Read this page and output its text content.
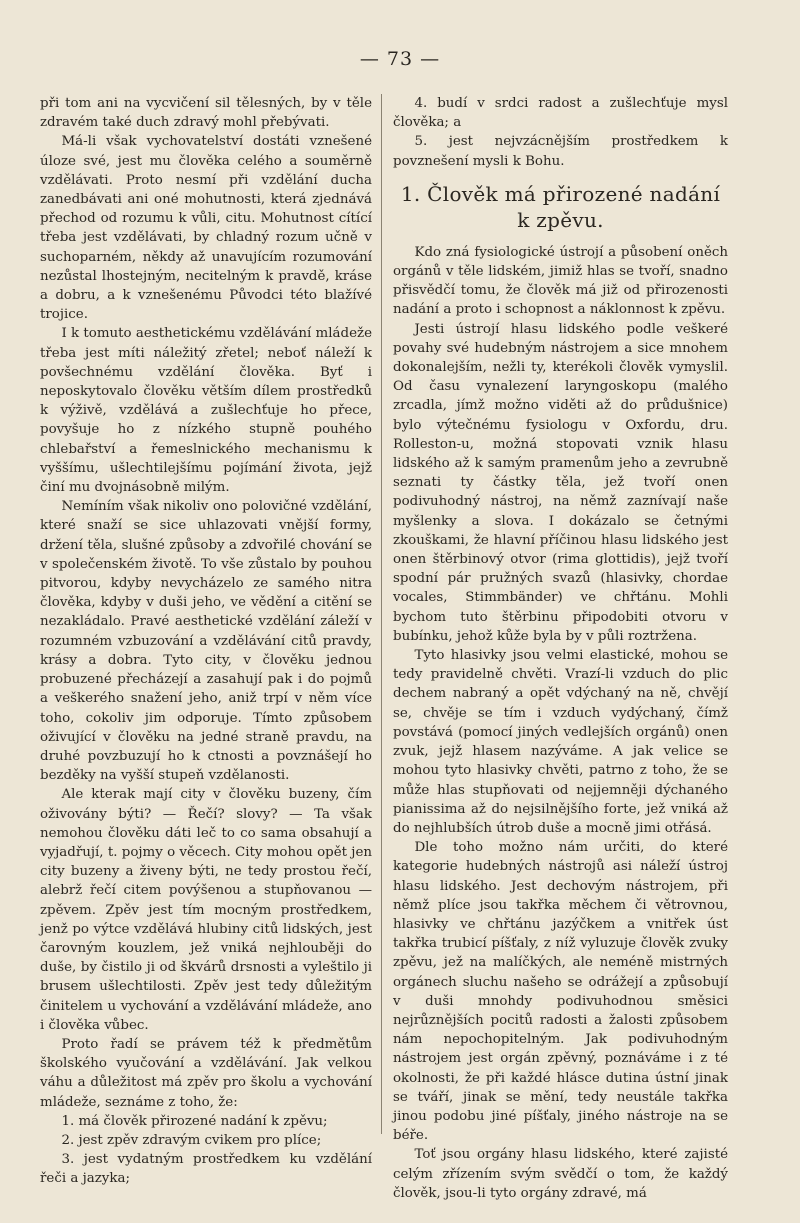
— 73 —

při tom ani na vycvičení sil tělesných, by v těle zdravém také duch zdravý mohl přebývati.

Má-li však vychovatelství dostáti vznešené úloze své, jest mu člověka celého a souměrně vzdělávati. Proto nesmí při vzdělání ducha zanedbávati ani oné mohutnosti, která zjednává přechod od rozumu k vůli, citu. Mohutnost cítící třeba jest vzdělávati, by chladný rozum učně v suchoparném, někdy až unavujícím rozumování nezůstal lhostejným, necitelným k pravdě, kráse a dobru, a k vznešenému Původci této blažívé trojice.

I k tomuto aesthetickému vzdělávání mládeže třeba jest míti náležitý zřetel; neboť náleží k povšechnému vzdělání člověka. Byť i neposkytovalo člověku větším dílem prostředků k výživě, vzdělává a zušlechťuje ho přece, povyšuje ho z nízkého stupně pouhého chlebařství a řemeslnického mechanismu k vyššímu, ušlechtilejšímu pojímání života, jejž činí mu dvojnásobně milým.

Nemíním však nikoliv ono polovičné vzdělání, které snaží se sice uhlazovati vnější formy, držení těla, slušné způsoby a zdvořilé chování se v společenském životě. To vše zůstalo by pouhou pitvorou, kdyby nevycházelo ze samého nitra člověka, kdyby v duši jeho, ve vědění a citění se nezakládalo. Pravé aesthetické vzdělání záleží v rozumném vzbuzování a vzdělávání citů pravdy, krásy a dobra. Tyto city, v člověku jednou probuzené přecházejí a zasahují pak i do pojmů a veškerého snažení jeho, aniž trpí v něm více toho, cokoliv jim odporuje. Tímto způsobem oživující v člověku na jedné straně pravdu, na druhé povzbuzují ho k ctnosti a povznášejí ho bezděky na vyšší stupeň vzdělanosti.

Ale kterak mají city v člověku buzeny, čím oživovány býti? — Řečí? slovy? — Ta však nemohou člověku dáti leč to co sama obsahují a vyjadřují, t. pojmy o věcech. City mohou opět jen city buzeny a živeny býti, ne tedy prostou řečí, alebrž řečí citem povýšenou a stupňovanou — zpěvem. Zpěv jest tím mocným prostředkem, jenž po výtce vzdělává hlubiny citů lidských, jest čarovným kouzlem, jež vniká nejhlouběji do duše, by čistilo ji od škvárů drsnosti a vyleštilo ji brusem ušlechtilosti. Zpěv jest tedy důležitým činitelem u vychování a vzdělávání mládeže, ano i člověka vůbec.

Proto řadí se právem též k předmětům školského vyučování a vzdělávání. Jak velkou váhu a důležitost má zpěv pro školu a vychování mládeže, seznáme z toho, že:

1. má člověk přirozené nadání k zpěvu;

2. jest zpěv zdravým cvikem pro plíce;

3. jest vydatným prostředkem ku vzdělání řeči a jazyka;

4. budí v srdci radost a zušlechťuje mysl člověka; a

5. jest nejvzácnějším prostředkem k povznešení mysli k Bohu.

1. Člověk má přirozené nadání k zpěvu.

Kdo zná fysiologické ústrojí a působení oněch orgánů v těle lidském, jimiž hlas se tvoří, snadno přisvědčí tomu, že člověk má již od přirozenosti nadání a proto i schopnost a náklonnost k zpěvu.

Jesti ústrojí hlasu lidského podle veškeré povahy své hudebným nástrojem a sice mnohem dokonalejším, nežli ty, kterékoli člověk vymyslil. Od času vynalezení laryngoskopu (malého zrcadla, jímž možno viděti až do průdušnice) bylo výtečnému fysiologu v Oxfordu, dru. Rolleston-u, možná stopovati vznik hlasu lidského až k samým pramenům jeho a zevrubně seznati ty částky těla, jež tvoří onen podivuhodný nástroj, na němž zaznívají naše myšlenky a slova. I dokázalo se četnými zkouškami, že hlavní příčinou hlasu lidského jest onen štěrbinový otvor (rima glottidis), jejž tvoří spodní pár pružných svazů (hlasivky, chordae vocales, Stimmbänder) ve chřtánu. Mohli bychom tuto štěrbinu připodobiti otvoru v bubínku, jehož kůže byla by v půli roztržena.

Tyto hlasivky jsou velmi elastické, mohou se tedy pravidelně chvěti. Vrazí-li vzduch do plic dechem nabraný a opět vdýchaný na ně, chvějí se, chvěje se tím i vzduch vydýchaný, čímž povstává (pomocí jiných vedlejších orgánů) onen zvuk, jejž hlasem nazýváme. A jak velice se mohou tyto hlasivky chvěti, patrno z toho, že se může hlas stupňovati od nejjemněji dýchaného pianissima až do nejsilnějšího forte, jež vniká až do nejhlubších útrob duše a mocně jimi otřásá.

Dle toho možno nám určiti, do které kategorie hudebných nástrojů asi náleží ústroj hlasu lidského. Jest dechovým nástrojem, při němž plíce jsou takřka měchem či větrovnou, hlasivky ve chřtánu jazýčkem a vnitřek úst takřka trubicí píšťaly, z níž vyluzuje člověk zvuky zpěvu, jež na malíčkých, ale neméně mistrných orgánech sluchu našeho se odrážejí a způsobují v duši mnohdy podivuhodnou směsici nejrůznějších pocitů radosti a žalosti způsobem nám nepochopitelným. Jak podivuhodným nástrojem jest orgán zpěvný, poznáváme i z té okolnosti, že při každé hlásce dutina ústní jinak se tváří, jinak se mění, tedy neustále takřka jinou podobu jiné píšťaly, jiného nástroje na se béře.

Toť jsou orgány hlasu lidského, které zajisté celým zřízením svým svědčí o tom, že každý člověk, jsou-li tyto orgány zdravé, má
